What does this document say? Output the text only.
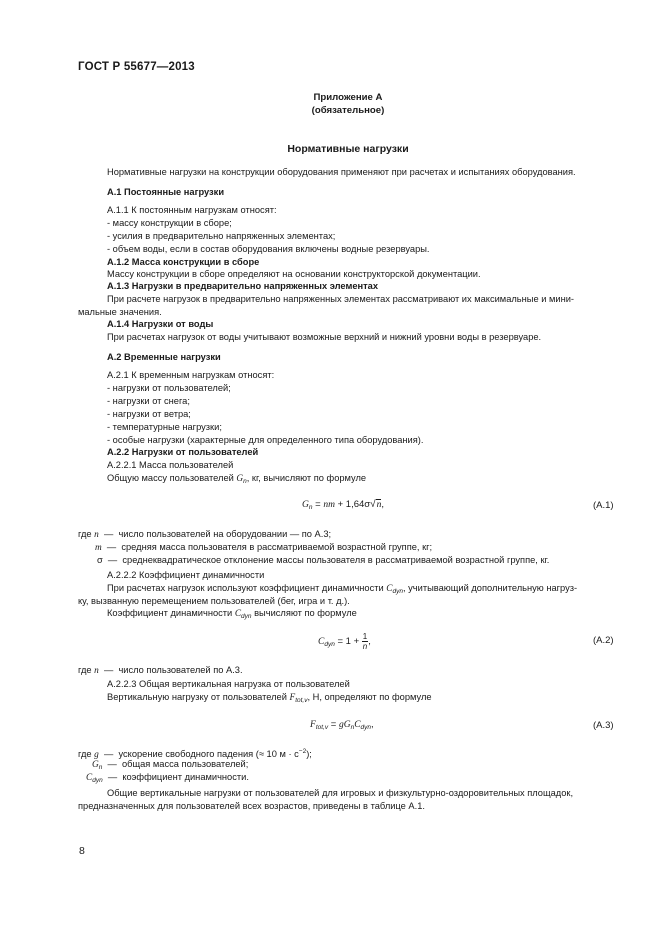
ГОСТ Р 55677—2013
Приложение А
(обязательное)
Нормативные нагрузки
Нормативные нагрузки на конструкции оборудования применяют при расчетах и испытаниях оборудования.
А.1 Постоянные нагрузки
А.1.1 К постоянным нагрузкам относят:
- массу конструкции в сборе;
- усилия в предварительно напряженных элементах;
- объем воды, если в состав оборудования включены водные резервуары.
А.1.2 Масса конструкции в сборе
Массу конструкции в сборе определяют на основании конструкторской документации.
А.1.3 Нагрузки в предварительно напряженных элементах
При расчете нагрузок в предварительно напряженных элементах рассматривают их максимальные и мини-
мальные значения.
А.1.4 Нагрузки от воды
При расчетах нагрузок от воды учитывают возможные верхний и нижний уровни воды в резервуаре.
А.2 Временные нагрузки
А.2.1 К временным нагрузкам относят:
- нагрузки от пользователей;
- нагрузки от снега;
- нагрузки от ветра;
- температурные нагрузки;
- особые нагрузки (характерные для определенного типа оборудования).
А.2.2 Нагрузки от пользователей
А.2.2.1 Масса пользователей
Общую массу пользователей $G_n$, кг, вычисляют по формуле
$G_n$ = nm + 1,64σ√n,	(А.1)
где n — число пользователей на оборудовании — по А.3;
m — средняя масса пользователя в рассматриваемой возрастной группе, кг;
σ — среднеквадратическое отклонение массы пользователя в рассматриваемой возрастной группе, кг.
А.2.2.2 Коэффициент динамичности
При расчетах нагрузок используют коэффициент динамичности $C_{dyn}$, учитывающий дополнительную нагруз-
ку, вызванную перемещением пользователей (бег, игра и т. д.).
Коэффициент динамичности $C_{dyn}$ вычисляют по формуле
$C_{dyn} = 1 + \frac{1}{n}$ ,	(А.2)
где n — число пользователей по А.3.
А.2.2.3 Общая вертикальная нагрузка от пользователей
Вертикальную нагрузку от пользователей $F_{tot,v}$, Н, определяют по формуле
$F_{tot,v} = gG_nC_{dyn}$,	(А.3)
где g — ускорение свободного падения (≈ 10 $м \cdot с^{-2}$);
$G_n$ — общая масса пользователей;
$C_{dyn}$ — коэффициент динамичности.
Общие вертикальные нагрузки от пользователей для игровых и физкультурно-оздоровительных площадок,
предназначенных для пользователей всех возрастов, приведены в таблице А.1.
8
